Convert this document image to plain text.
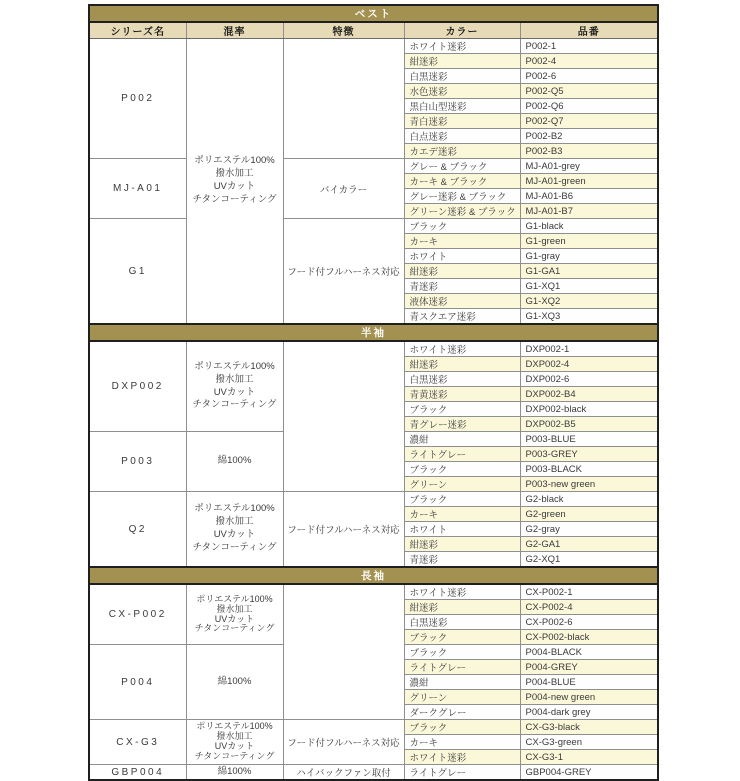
ベスト				
シリーズ名	混率	特徴	カラー	品番
P002	ポリエステル100%
撥水加工
UVカット
チタンコーティング		ホワイト迷彩	P002-1
			紺迷彩	P002-4
			白黒迷彩	P002-6
			水色迷彩	P002-Q5
			黒白山型迷彩	P002-Q6
			青白迷彩	P002-Q7
			白点迷彩	P002-B2
			カエデ迷彩	P002-B3
MJ-A01		バイカラー	グレー & ブラック	MJ-A01-grey
			カーキ & ブラック	MJ-A01-green
			グレー迷彩 & ブラック	MJ-A01-B6
			グリーン迷彩 & ブラック	MJ-A01-B7
G1		フード付フルハーネス対応	ブラック	G1-black
			カーキ	G1-green
			ホワイト	G1-gray
			紺迷彩	G1-GA1
			青迷彩	G1-XQ1
			液体迷彩	G1-XQ2
			青スクエア迷彩	G1-XQ3
半袖				
DXP002	ポリエステル100%
撥水加工
UVカット
チタンコーティング		ホワイト迷彩	DXP002-1
			紺迷彩	DXP002-4
			白黒迷彩	DXP002-6
			青黄迷彩	DXP002-B4
			ブラック	DXP002-black
			青グレー迷彩	DXP002-B5
P003	綿100%		濃紺	P003-BLUE
			ライトグレー	P003-GREY
			ブラック	P003-BLACK
			グリーン	P003-new green
Q2	ポリエステル100%
撥水加工
UVカット
チタンコーティング	フード付フルハーネス対応	ブラック	G2-black
			カーキ	G2-green
			ホワイト	G2-gray
			紺迷彩	G2-GA1
			青迷彩	G2-XQ1
長袖				
CX-P002	ポリエステル100%
撥水加工
UVカット
チタンコーティング		ホワイト迷彩	CX-P002-1
			紺迷彩	CX-P002-4
			白黒迷彩	CX-P002-6
			ブラック	CX-P002-black
P004	綿100%		ブラック	P004-BLACK
			ライトグレー	P004-GREY
			濃紺	P004-BLUE
			グリーン	P004-new green
			ダークグレー	P004-dark grey
CX-G3	ポリエステル100%
撥水加工
UVカット
チタンコーティング	フード付フルハーネス対応	ブラック	CX-G3-black
			カーキ	CX-G3-green
			ホワイト迷彩	CX-G3-1
GBP004	綿100%	ハイバックファン取付	ライトグレー	GBP004-GREY
